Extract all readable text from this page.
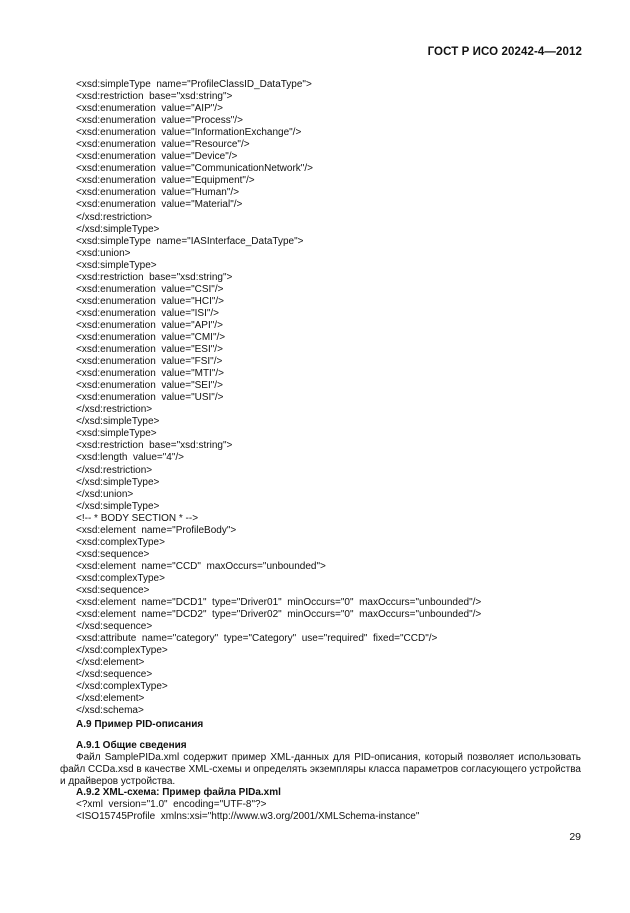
ГОСТ Р ИСО 20242-4—2012
<xsd:simpleType  name="ProfileClassID_DataType">
<xsd:restriction  base="xsd:string">
<xsd:enumeration  value="AIP"/>
<xsd:enumeration  value="Process"/>
<xsd:enumeration  value="InformationExchange"/>
<xsd:enumeration  value="Resource"/>
<xsd:enumeration  value="Device"/>
<xsd:enumeration  value="CommunicationNetwork"/>
<xsd:enumeration  value="Equipment"/>
<xsd:enumeration  value="Human"/>
<xsd:enumeration  value="Material"/>
</xsd:restriction>
</xsd:simpleType>
<xsd:simpleType  name="IASInterface_DataType">
<xsd:union>
<xsd:simpleType>
<xsd:restriction  base="xsd:string">
<xsd:enumeration  value="CSI"/>
<xsd:enumeration  value="HCI"/>
<xsd:enumeration  value="ISI"/>
<xsd:enumeration  value="API"/>
<xsd:enumeration  value="CMI"/>
<xsd:enumeration  value="ESI"/>
<xsd:enumeration  value="FSI"/>
<xsd:enumeration  value="MTI"/>
<xsd:enumeration  value="SEI"/>
<xsd:enumeration  value="USI"/>
</xsd:restriction>
</xsd:simpleType>
<xsd:simpleType>
<xsd:restriction  base="xsd:string">
<xsd:length  value="4"/>
</xsd:restriction>
</xsd:simpleType>
</xsd:union>
</xsd:simpleType>
<!-- * BODY SECTION * -->
<xsd:element  name="ProfileBody">
<xsd:complexType>
<xsd:sequence>
<xsd:element  name="CCD"  maxOccurs="unbounded">
<xsd:complexType>
<xsd:sequence>
<xsd:element  name="DCD1"  type="Driver01"  minOccurs="0"  maxOccurs="unbounded"/>
<xsd:element  name="DCD2"  type="Driver02"  minOccurs="0"  maxOccurs="unbounded"/>
</xsd:sequence>
<xsd:attribute  name="category"  type="Category"  use="required"  fixed="CCD"/>
</xsd:complexType>
</xsd:element>
</xsd:sequence>
</xsd:complexType>
</xsd:element>
</xsd:schema>
A.9 Пример PID-описания
A.9.1 Общие сведения
Файл SamplePIDa.xml содержит пример XML-данных для PID-описания, который позволяет использовать файл CCDa.xsd в качестве XML-схемы и определять экземпляры класса параметров согласующего устройства и драйверов устройства.
A.9.2 XML-схема: Пример файла PIDa.xml
<?xml  version="1.0"  encoding="UTF-8"?>
<ISO15745Profile  xmlns:xsi="http://www.w3.org/2001/XMLSchema-instance"
29
